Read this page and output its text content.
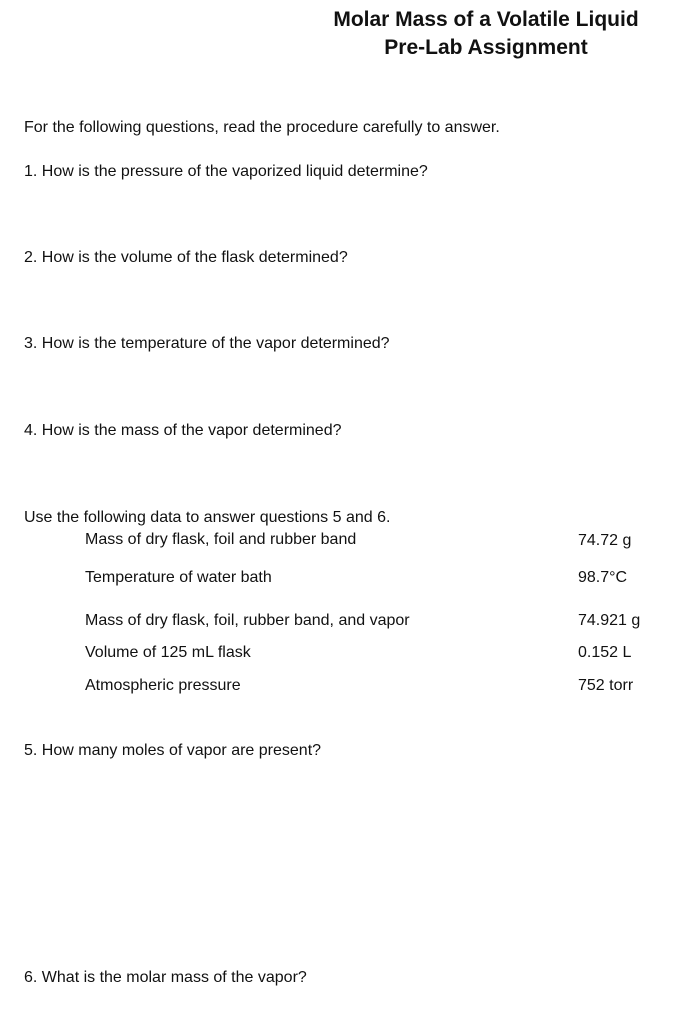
Molar Mass of a Volatile Liquid
Pre-Lab Assignment
For the following questions, read the procedure carefully to answer.
1. How is the pressure of the vaporized liquid determine?
2. How is the volume of the flask determined?
3. How is the temperature of the vapor determined?
4. How is the mass of the vapor determined?
Use the following data to answer questions 5 and 6.
Mass of dry flask, foil and rubber band	74.72 g
Temperature of water bath	98.7°C
Mass of dry flask, foil, rubber band, and vapor	74.921 g
Volume of 125 mL flask	0.152 L
Atmospheric pressure	752 torr
5. How many moles of vapor are present?
6. What is the molar mass of the vapor?
